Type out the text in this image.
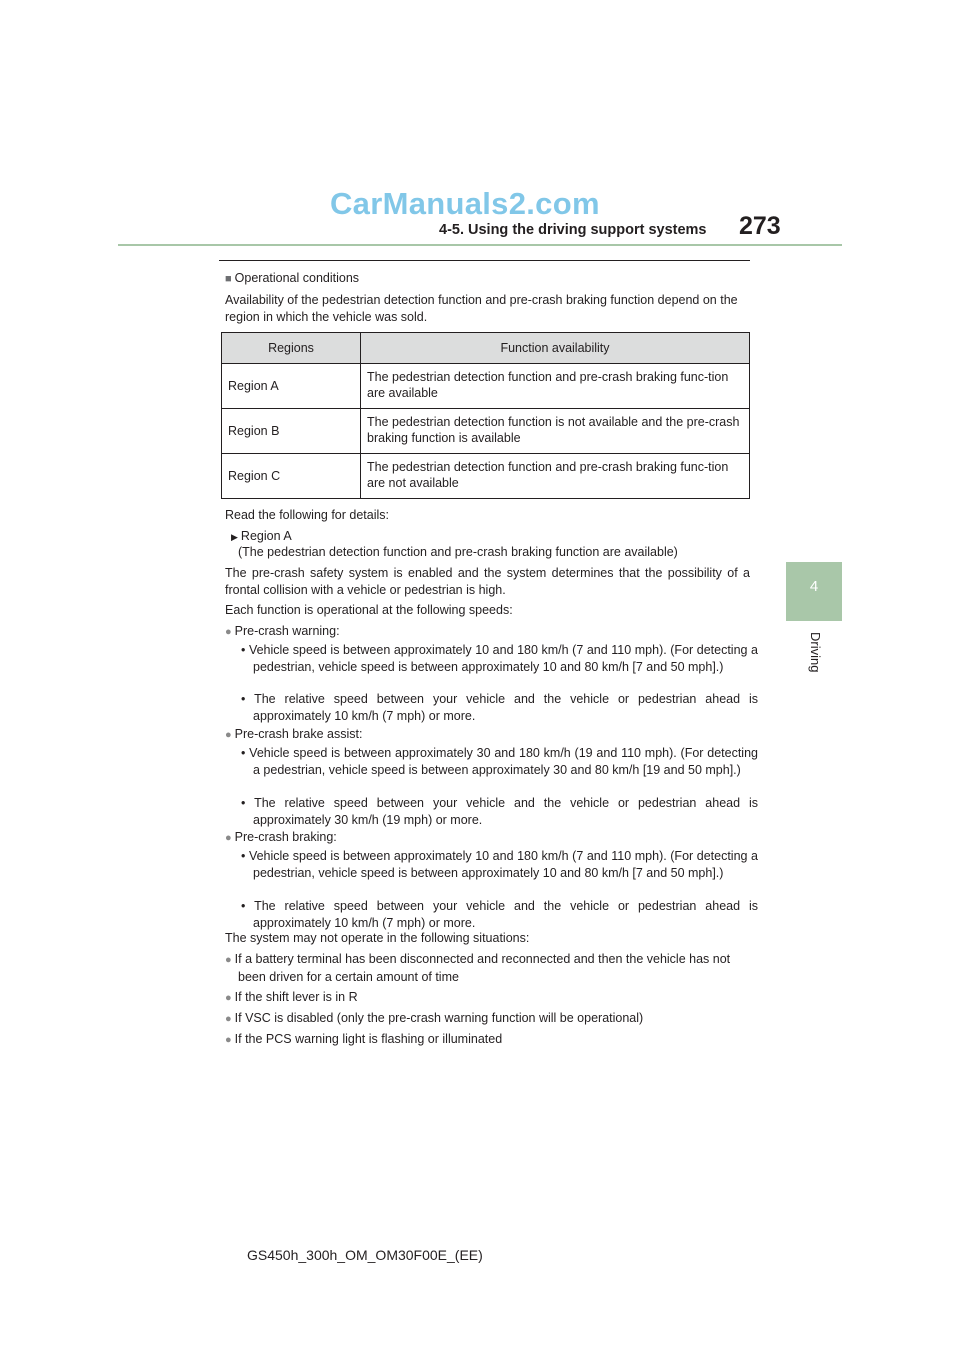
CarManuals2.com
4-5. Using the driving support systems 273
4
Driving
■ Operational conditions
Availability of the pedestrian detection function and pre-crash braking function depend on the region in which the vehicle was sold.
Regions	Function availability
Region A	The pedestrian detection function and pre-crash braking func-tion are available
Region B	The pedestrian detection function is not available and the pre-crash braking function is available
Region C	The pedestrian detection function and pre-crash braking func-tion are not available
Read the following for details:
▶ Region A
(The pedestrian detection function and pre-crash braking function are available)
The pre-crash safety system is enabled and the system determines that the possibility of a frontal collision with a vehicle or pedestrian is high.
Each function is operational at the following speeds:
● Pre-crash warning:
• Vehicle speed is between approximately 10 and 180 km/h (7 and 110 mph). (For detecting a pedestrian, vehicle speed is between approximately 10 and 80 km/h [7 and 50 mph].)
• The relative speed between your vehicle and the vehicle or pedestrian ahead is approximately 10 km/h (7 mph) or more.
● Pre-crash brake assist:
• Vehicle speed is between approximately 30 and 180 km/h (19 and 110 mph). (For detecting a pedestrian, vehicle speed is between approximately 30 and 80 km/h [19 and 50 mph].)
• The relative speed between your vehicle and the vehicle or pedestrian ahead is approximately 30 km/h (19 mph) or more.
● Pre-crash braking:
• Vehicle speed is between approximately 10 and 180 km/h (7 and 110 mph). (For detecting a pedestrian, vehicle speed is between approximately 10 and 80 km/h [7 and 50 mph].)
• The relative speed between your vehicle and the vehicle or pedestrian ahead is approximately 10 km/h (7 mph) or more.
The system may not operate in the following situations:
● If a battery terminal has been disconnected and reconnected and then the vehicle has not been driven for a certain amount of time
● If the shift lever is in R
● If VSC is disabled (only the pre-crash warning function will be operational)
● If the PCS warning light is flashing or illuminated
GS450h_300h_OM_OM30F00E_(EE)
